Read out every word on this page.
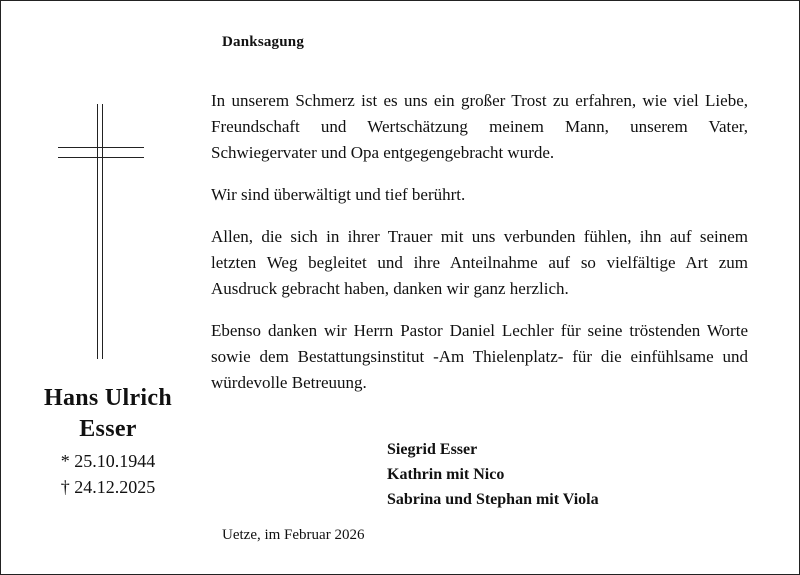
Danksagung

In unserem Schmerz ist es uns ein großer Trost zu erfahren, wie viel Liebe, Freundschaft und Wertschätzung meinem Mann, unserem Vater, Schwiegervater und Opa entgegengebracht wurde.

Wir sind überwältigt und tief berührt.

Allen, die sich in ihrer Trauer mit uns verbunden fühlen, ihn auf seinem letzten Weg begleitet und ihre Anteilnahme auf so vielfältige Art zum Ausdruck gebracht haben, danken wir ganz herzlich.

Ebenso danken wir Herrn Pastor Daniel Lechler für seine tröstenden Worte sowie dem Bestattungsinstitut -Am Thielenplatz- für die einfühlsame und würdevolle Betreuung.

Hans Ulrich
Esser
* 25.10.1944
† 24.12.2025
Siegrid Esser
Kathrin mit Nico
Sabrina und Stephan mit Viola
Uetze, im Februar 2026
